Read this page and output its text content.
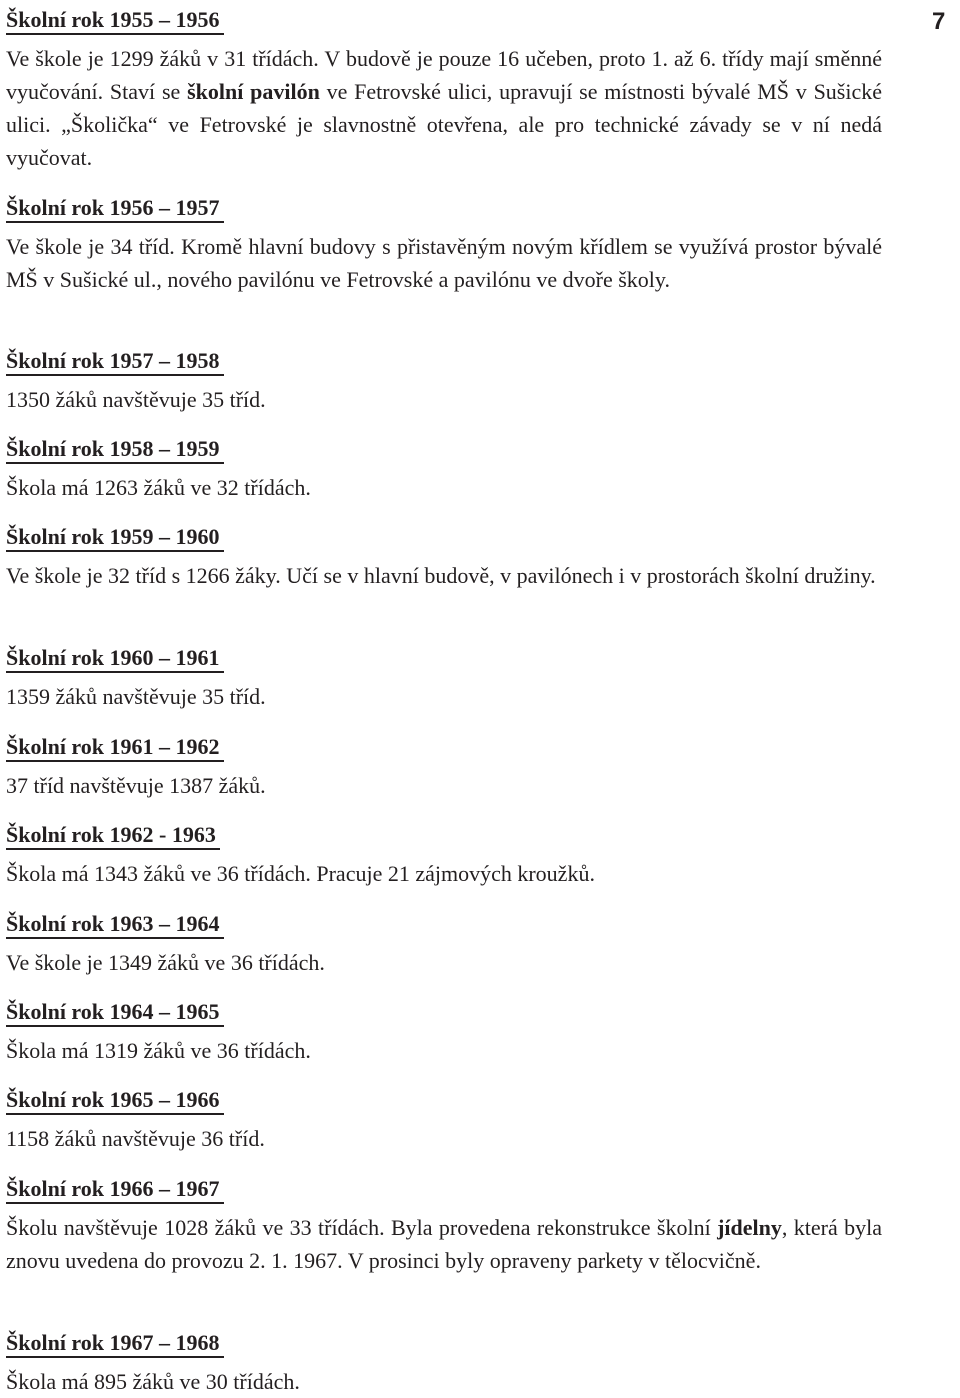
7
Školní rok 1955 – 1956

Ve škole je 1299 žáků v 31 třídách. V budově je pouze 16 učeben, proto 1. až 6. třídy mají směnné vyučování. Staví se školní pavilón ve Fetrovské ulici, upravují se místnosti bývalé MŠ v Sušické ulici. „Školička“ ve Fetrovské je slavnostně otevřena, ale pro technické závady se v ní nedá vyučovat.

Školní rok 1956 – 1957

Ve škole je 34 tříd. Kromě hlavní budovy s přistavěným novým křídlem se využívá prostor bývalé MŠ v Sušické ul., nového pavilónu ve Fetrovské a pavilónu ve dvoře školy.

Školní rok 1957 – 1958

1350 žáků navštěvuje 35 tříd.

Školní rok 1958 – 1959

Škola má 1263 žáků ve 32 třídách.

Školní rok 1959 – 1960

Ve škole je 32 tříd s 1266 žáky. Učí se v hlavní budově, v pavilónech i v prostorách školní družiny.

Školní rok 1960 – 1961

1359 žáků navštěvuje 35 tříd.

Školní rok 1961 – 1962

37 tříd navštěvuje 1387 žáků.

Školní rok 1962 - 1963

Škola má 1343 žáků ve 36 třídách. Pracuje 21 zájmových kroužků.

Školní rok 1963 – 1964

Ve škole je 1349 žáků ve 36 třídách.

Školní rok 1964 – 1965

Škola má 1319 žáků ve 36 třídách.

Školní rok 1965 – 1966

1158 žáků navštěvuje 36 tříd.

Školní rok 1966 – 1967

Školu navštěvuje 1028 žáků ve 33 třídách. Byla provedena rekonstrukce školní jídelny, která byla znovu uvedena do provozu 2. 1. 1967. V prosinci byly opraveny parkety v tělocvičně.

Školní rok 1967 – 1968

Škola má 895 žáků ve 30 třídách.
